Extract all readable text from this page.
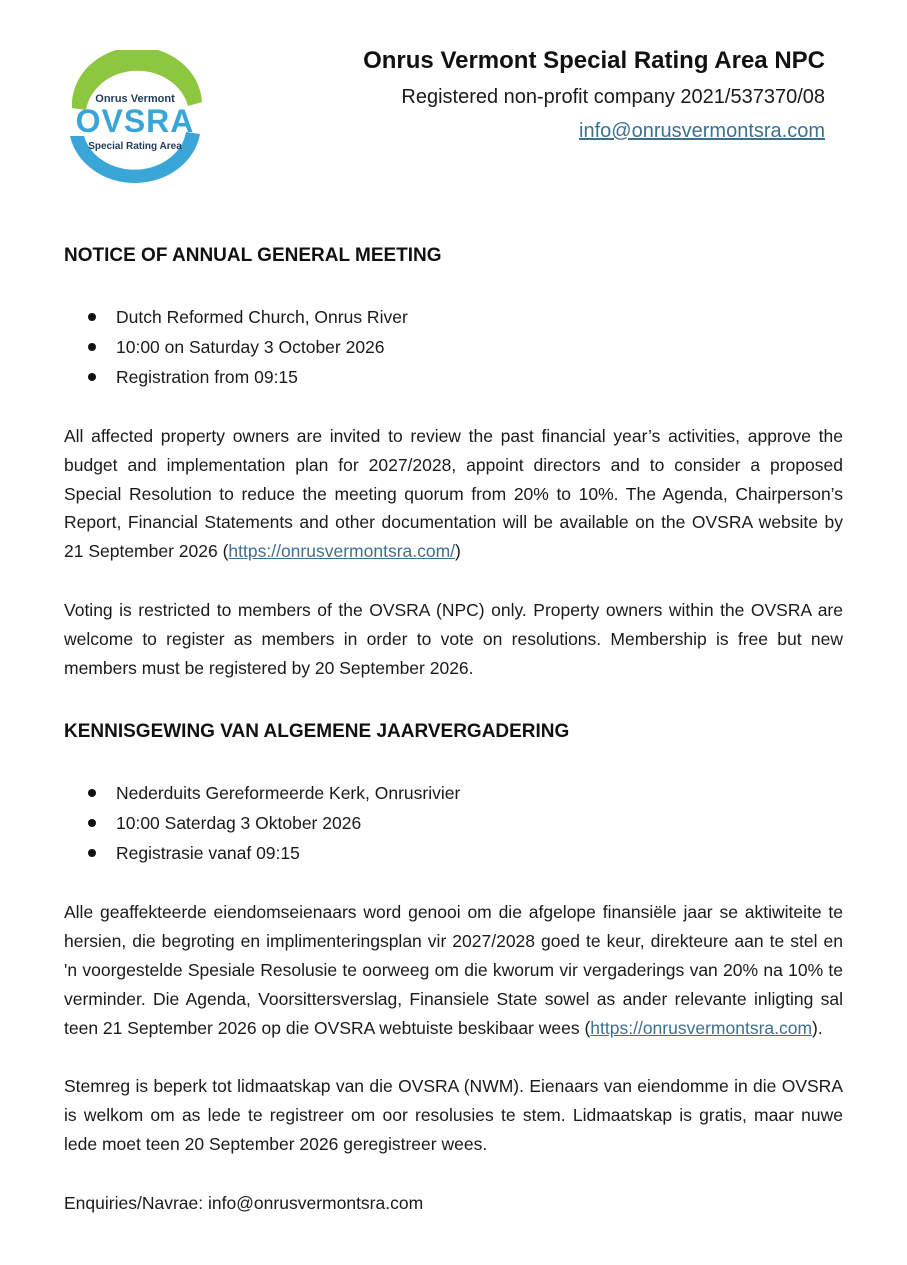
Onrus Vermont
OVSRA
Special Rating Area
Onrus Vermont Special Rating Area NPC
Registered non-profit company 2021/537370/08
info@onrusvermontsra.com
NOTICE OF ANNUAL GENERAL MEETING
Dutch Reformed Church, Onrus River
10:00 on Saturday 3 October 2026
Registration from 09:15

All affected property owners are invited to review the past financial year’s activities, approve the budget and implementation plan for 2027/2028, appoint directors and to consider a proposed Special Resolution to reduce the meeting quorum from 20% to 10%. The Agenda, Chairperson’s Report, Financial Statements and other documentation will be available on the OVSRA website by 21 September 2026 (https://onrusvermontsra.com/)

Voting is restricted to members of the OVSRA (NPC) only. Property owners within the OVSRA are welcome to register as members in order to vote on resolutions. Membership is free but new members must be registered by 20 September 2026.

KENNISGEWING VAN ALGEMENE JAARVERGADERING
Nederduits Gereformeerde Kerk, Onrusrivier
10:00 Saterdag 3 Oktober 2026
Registrasie vanaf 09:15

Alle geaffekteerde eiendomseienaars word genooi om die afgelope finansiële jaar se aktiwiteite te hersien, die begroting en implimenteringsplan vir 2027/2028 goed te keur, direkteure aan te stel en 'n voorgestelde Spesiale Resolusie te oorweeg om die kworum vir vergaderings van 20% na 10% te verminder. Die Agenda, Voorsittersverslag, Finansiele State sowel as ander relevante inligting sal teen 21 September 2026 op die OVSRA webtuiste beskibaar wees (https://onrusvermontsra.com).

Stemreg is beperk tot lidmaatskap van die OVSRA (NWM). Eienaars van eiendomme in die OVSRA is welkom om as lede te registreer om oor resolusies te stem. Lidmaatskap is gratis, maar nuwe lede moet teen 20 September 2026 geregistreer wees.

Enquiries/Navrae: info@onrusvermontsra.com
